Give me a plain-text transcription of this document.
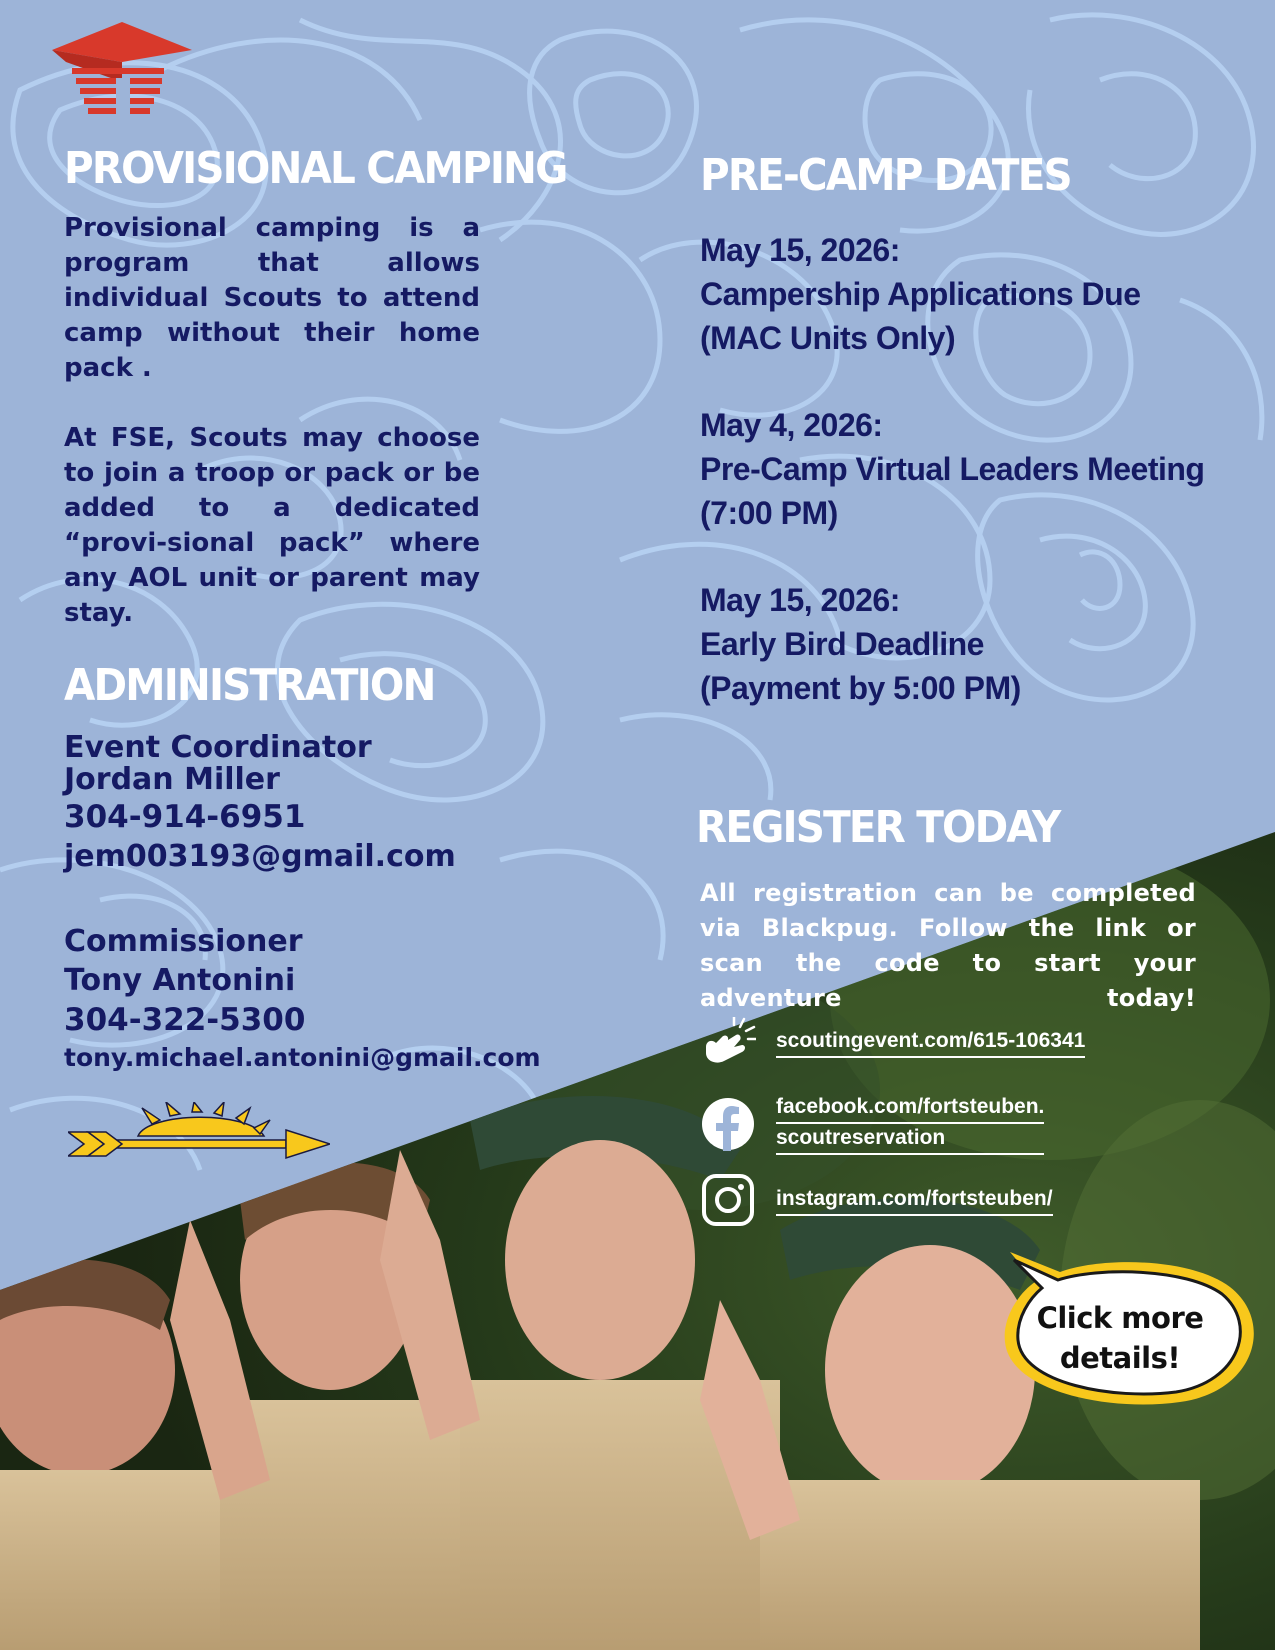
PROVISIONAL CAMPING

Provisional camping is a program that allows individual Scouts to attend camp without their home pack .

At FSE, Scouts may choose to join a troop or pack or be added to a dedicated “provi-sional pack” where any AOL unit or parent may stay.

ADMINISTRATION
Event Coordinator
Jordan Miller
304-914-6951
jem003193@gmail.com
Commissioner
Tony Antonini
304-322-5300
tony.michael.antonini@gmail.com
PRE-CAMP DATES
May 15, 2026:
Campership Applications Due
(MAC Units Only)
May 4, 2026:
Pre-Camp Virtual Leaders Meeting
(7:00 PM)
May 15, 2026:
Early Bird Deadline
(Payment by 5:00 PM)
REGISTER TODAY
All registration can be completed via Blackpug. Follow the link or scan the code to start your adventure today!
scoutingevent.com/615-106341
facebook.com/fortsteuben.
scoutreservation
instagram.com/fortsteuben/
Click more
details!
